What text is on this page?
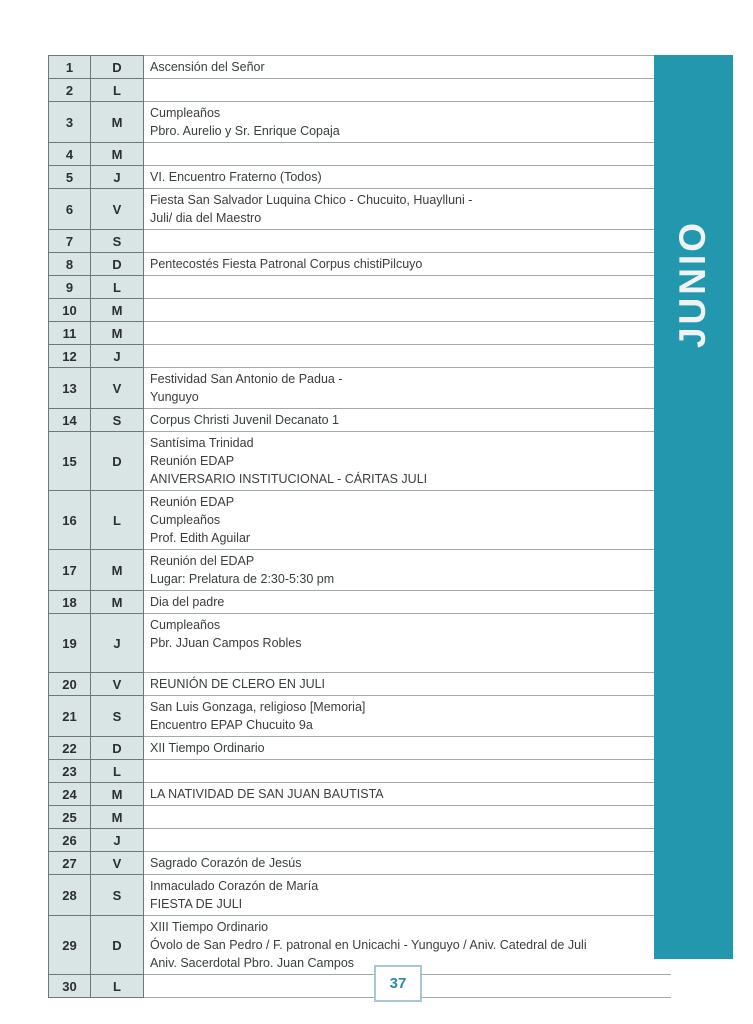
1	D	Ascensión del Señor

2	L	
3	M	Cumpleaños
Pbro. Aurelio y Sr. Enrique Copaja

4	M	
5	J	VI. Encuentro Fraterno (Todos)

6	V	Fiesta San Salvador Luquina Chico - Chucuito, Huaylluni -
Juli/ dia del Maestro

7	S	
8	D	Pentecostés Fiesta Patronal Corpus chistiPilcuyo

9	L	
10	M	
11	M	
12	J	
13	V	Festividad San Antonio de Padua -
Yunguyo

14	S	Corpus Christi Juvenil Decanato 1

15	D	Santísima Trinidad
Reunión EDAP
ANIVERSARIO INSTITUCIONAL - CÁRITAS JULI

16	L	Reunión EDAP
Cumpleaños
Prof. Edith Aguilar

17	M	Reunión del EDAP
Lugar: Prelatura de 2:30-5:30 pm

18	M	Dia del padre

19	J	Cumpleaños
Pbr. JJuan Campos Robles

20	V	REUNIÓN DE CLERO EN JULI

21	S	San Luis Gonzaga, religioso [Memoria]
Encuentro EPAP Chucuito 9a

22	D	XII Tiempo Ordinario

23	L	
24	M	LA NATIVIDAD DE SAN JUAN BAUTISTA

25	M	
26	J	
27	V	Sagrado Corazón de Jesús

28	S	Inmaculado Corazón de María
FIESTA DE JULI

29	D	XIII Tiempo Ordinario
Óvolo de San Pedro / F. patronal en Unicachi - Yunguyo / Aniv. Catedral de Juli
Aniv. Sacerdotal Pbro. Juan Campos

30	L	
JUNIO
37
